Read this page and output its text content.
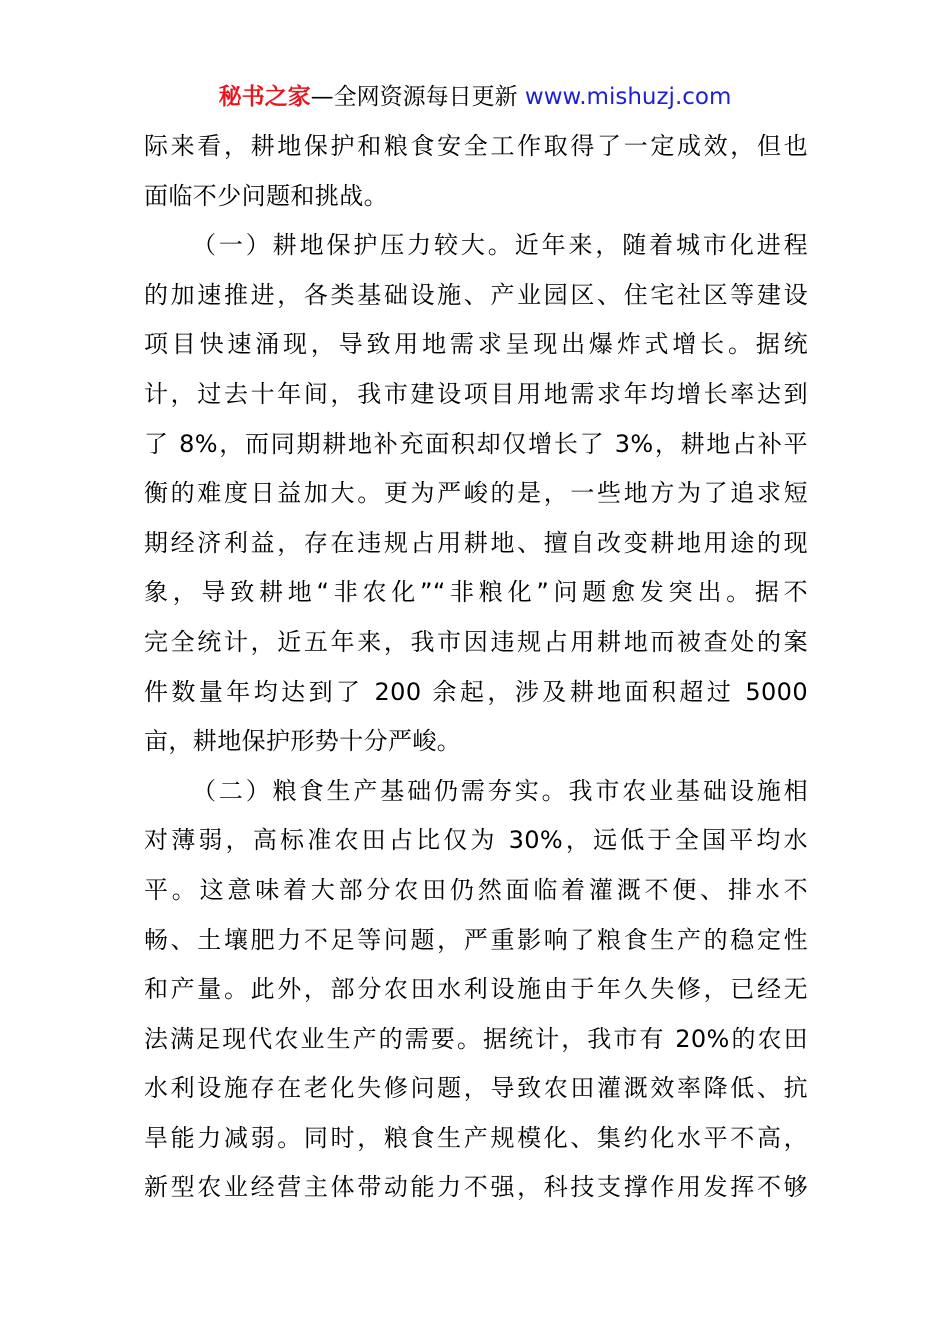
秘书之家—全网资源每日更新 www.mishuzj.com
际来看，耕地保护和粮食安全工作取得了一定成效，但也
面临不少问题和挑战。
（一）耕地保护压力较大。近年来，随着城市化进程
的加速推进，各类基础设施、产业园区、住宅社区等建设
项目快速涌现，导致用地需求呈现出爆炸式增长。据统
计，过去十年间，我市建设项目用地需求年均增长率达到
了 8%，而同期耕地补充面积却仅增长了 3%，耕地占补平
衡的难度日益加大。更为严峻的是，一些地方为了追求短
期经济利益，存在违规占用耕地、擅自改变耕地用途的现
象，导致耕地“非农化”“非粮化”问题愈发突出。据不
完全统计，近五年来，我市因违规占用耕地而被查处的案
件数量年均达到了 200 余起，涉及耕地面积超过 5000
亩，耕地保护形势十分严峻。
（二）粮食生产基础仍需夯实。我市农业基础设施相
对薄弱，高标准农田占比仅为 30%，远低于全国平均水
平。这意味着大部分农田仍然面临着灌溉不便、排水不
畅、土壤肥力不足等问题，严重影响了粮食生产的稳定性
和产量。此外，部分农田水利设施由于年久失修，已经无
法满足现代农业生产的需要。据统计，我市有 20%的农田
水利设施存在老化失修问题，导致农田灌溉效率降低、抗
旱能力减弱。同时，粮食生产规模化、集约化水平不高，
新型农业经营主体带动能力不强，科技支撑作用发挥不够
